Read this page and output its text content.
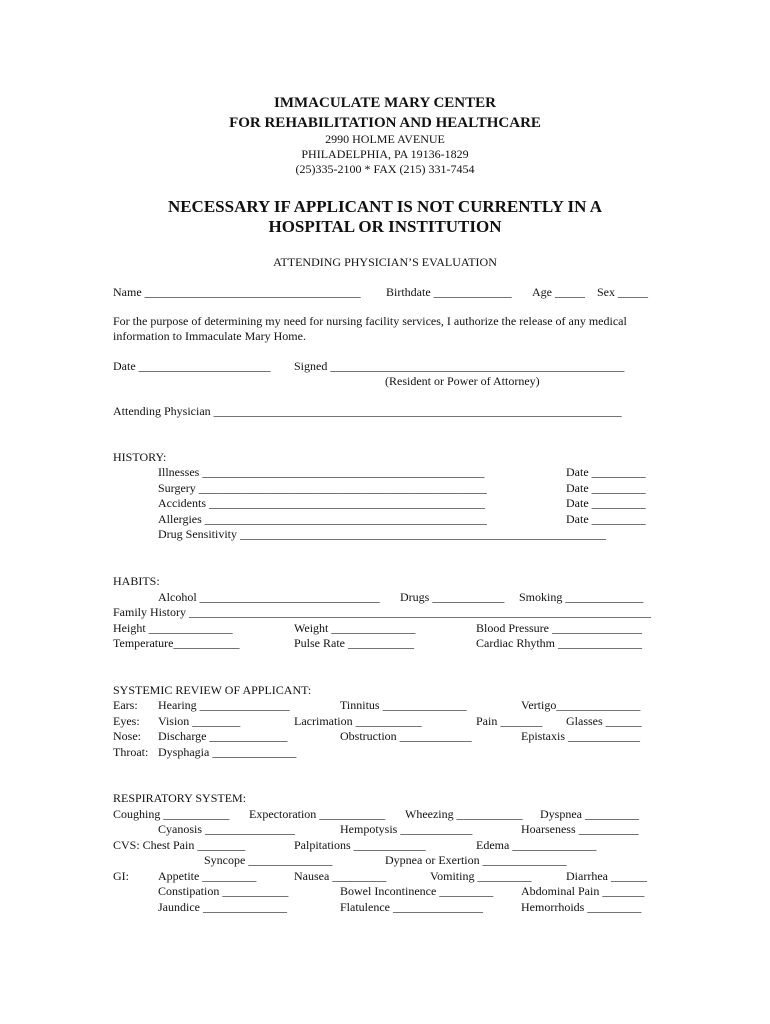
IMMACULATE MARY CENTER
FOR REHABILITATION AND HEALTHCARE
2990 HOLME AVENUE
PHILADELPHIA, PA 19136-1829
(25)335-2100 * FAX (215) 331-7454
NECESSARY IF APPLICANT IS NOT CURRENTLY IN A
HOSPITAL OR INSTITUTION
ATTENDING PHYSICIAN’S EVALUATION
Name ____________________________________ Birthdate _____________ Age _____ Sex _____
For the purpose of determining my need for nursing facility services, I authorize the release of any medical
information to Immaculate Mary Home.
Date ______________________ Signed _________________________________________________
(Resident or Power of Attorney)
Attending Physician ____________________________________________________________________
HISTORY:
Illnesses _______________________________________________	Date _________
Surgery ________________________________________________	Date _________
Accidents ______________________________________________	Date _________
Allergies _______________________________________________	Date _________
Drug Sensitivity _____________________________________________________________
HABITS:
Alcohol ______________________________ Drugs ____________ Smoking _____________
Family History _____________________________________________________________________________
Height ______________	Weight ______________	Blood Pressure _______________
Temperature___________	Pulse Rate ___________	Cardiac Rhythm ______________
SYSTEMIC REVIEW OF APPLICANT:
Ears: Hearing _______________	Tinnitus ______________	Vertigo______________
Eyes: Vision ________	Lacrimation ___________	Pain _______ Glasses ______
Nose: Discharge _____________	Obstruction ____________	Epistaxis ____________
Throat: Dysphagia ______________
RESPIRATORY SYSTEM:
Coughing ___________ Expectoration ___________ Wheezing ___________ Dyspnea _________
Cyanosis _______________	Hempotysis ____________	Hoarseness __________
CVS: Chest Pain ________	Palpitations ____________	Edema ______________
Syncope ______________	Dypnea or Exertion ______________
GI: Appetite _________	Nausea _________	Vomiting _________	Diarrhea ______
Constipation ___________	Bowel Incontinence _________ Abdominal Pain _______
Jaundice ______________	Flatulence _______________	Hemorrhoids _________
